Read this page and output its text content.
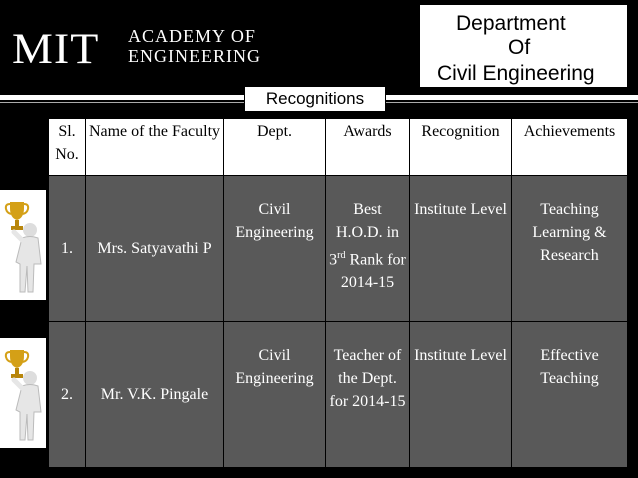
MIT ACADEMY OF
ENGINEERING
Department
Of
Civil Engineering
Recognitions
Sl. No.	Name of the Faculty	Dept.	Awards	Recognition	Achievements
1.	Mrs. Satyavathi P	Civil Engineering	Best H.O.D. in 3rd Rank for 2014-15	Institute Level	Teaching Learning & Research
2.	Mr. V.K. Pingale	Civil Engineering	Teacher of the Dept. for 2014-15	Institute Level	Effective Teaching
